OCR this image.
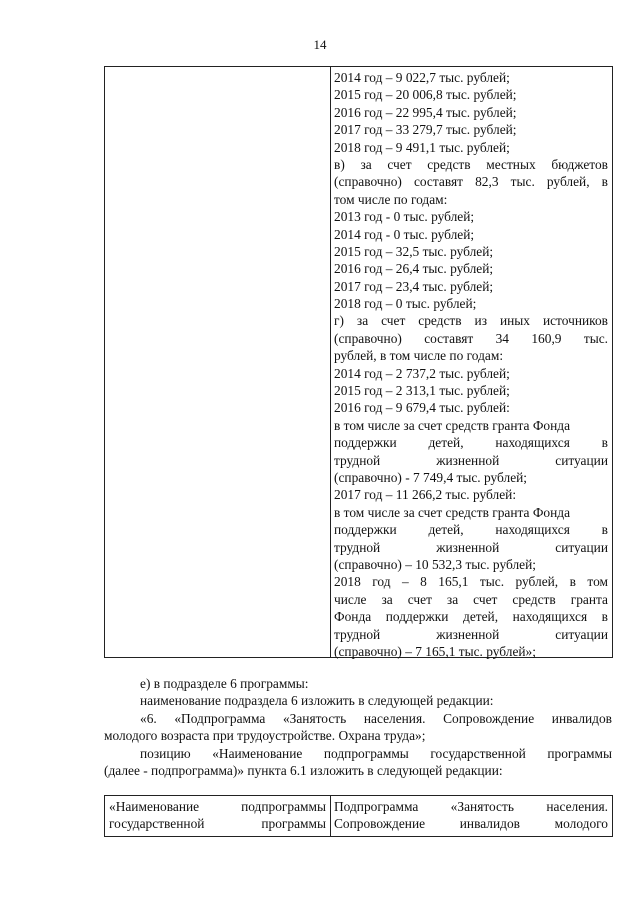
14
2014 год – 9 022,7 тыс. рублей;
2015 год – 20 006,8 тыс. рублей;
2016 год – 22 995,4 тыс. рублей;
2017 год – 33 279,7 тыс. рублей;
2018 год – 9 491,1 тыс. рублей;
в) за счет средств местных бюджетов
(справочно) составят 82,3 тыс. рублей, в
том числе по годам:
2013 год - 0 тыс. рублей;
2014 год - 0 тыс. рублей;
2015 год – 32,5 тыс. рублей;
2016 год – 26,4 тыс. рублей;
2017 год – 23,4 тыс. рублей;
2018 год – 0 тыс. рублей;
г) за счет средств из иных источников
(справочно) составят 34 160,9 тыс.
рублей, в том числе по годам:
2014 год – 2 737,2 тыс. рублей;
2015 год – 2 313,1 тыс. рублей;
2016 год – 9 679,4 тыс. рублей:
в том числе за счет средств гранта Фонда
поддержки детей, находящихся в
трудной жизненной ситуации
(справочно) - 7 749,4 тыс. рублей;
2017 год – 11 266,2 тыс. рублей:
в том числе за счет средств гранта Фонда
поддержки детей, находящихся в
трудной жизненной ситуации
(справочно) – 10 532,3 тыс. рублей;
2018 год – 8 165,1 тыс. рублей, в том
числе за счет за счет средств гранта
Фонда поддержки детей, находящихся в
трудной жизненной ситуации
(справочно) – 7 165,1 тыс. рублей»;
е) в подразделе 6 программы:
наименование подраздела 6 изложить в следующей редакции:
«6. «Подпрограмма «Занятость населения. Сопровождение инвалидов
молодого возраста при трудоустройстве. Охрана труда»;
позицию «Наименование подпрограммы государственной программы
(далее - подпрограмма)» пункта 6.1 изложить в следующей редакции:
«Наименование подпрограммы
государственной программы
Подпрограмма «Занятость населения.
Сопровождение инвалидов молодого
